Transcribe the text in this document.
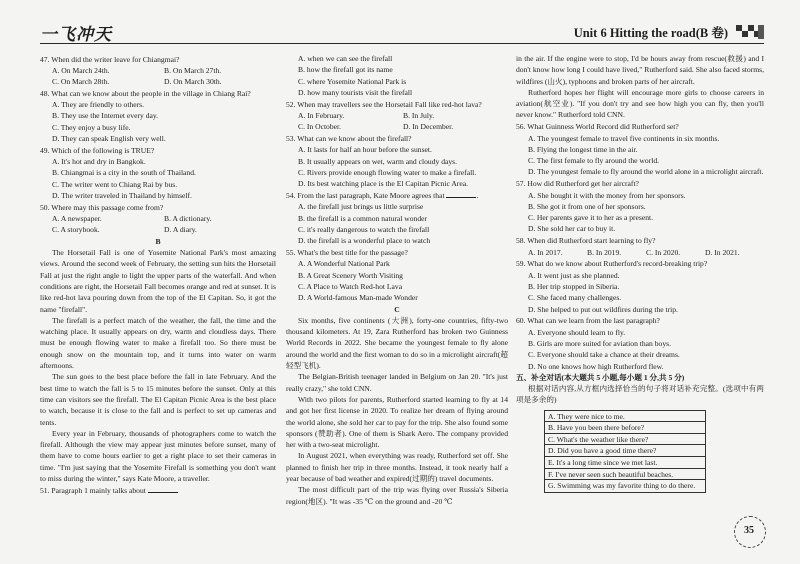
一飞冲天	Unit 6 Hitting the road(B 卷)
47. When did the writer leave for Chiangmai?
A. On March 24th.	B. On March 27th.
C. On March 28th.	D. On March 30th.
48. What can we know about the people in the village in Chiang Rai?
A. They are friendly to others.
B. They use the Internet every day.
C. They enjoy a busy life.
D. They can speak English very well.
49. Which of the following is TRUE?
A. It's hot and dry in Bangkok.
B. Chiangmai is a city in the south of Thailand.
C. The writer went to Chiang Rai by bus.
D. The writer traveled in Thailand by himself.
50. Where may this passage come from?
A. A newspaper.	B. A dictionary.
C. A storybook.	D. A diary.
B
The Horsetail Fall is one of Yosemite National Park's most amazing views. Around the second week of February, the setting sun hits the Horsetail Fall at just the right angle to light the upper parts of the waterfall. And when conditions are right, the Horsetail Fall becomes orange and red at sunset. It is like red-hot lava pouring down from the top of the El Capitan. So, it got the name "firefall".
The firefall is a perfect match of the weather, the fall, the time and the watching place. It usually appears on dry, warm and cloudless days. There must be enough flowing water to make a firefall too. So there must be enough snow on the mountain top, and it turns into water on warm afternoons.
The sun goes to the best place before the fall in late February. And the best time to watch the fall is 5 to 15 minutes before the sunset. Only at this time can visitors see the firefall. The El Capitan Picnic Area is the best place to watch, because it is close to the fall and is perfect to set up cameras and tents.
Every year in February, thousands of photographers come to watch the firefall. Although the view may appear just minutes before sunset, many of them have to come hours earlier to get a right place to set their cameras in time. "I'm just saying that the Yosemite Firefall is something you don't want to miss during the winter," says Kate Moore, a traveller.
51. Paragraph 1 mainly talks about
A. when we can see the firefall
B. how the firefall got its name
C. where Yosemite National Park is
D. how many tourists visit the firefall
52. When may travellers see the Horsetail Fall like red-hot lava?
A. In February.	B. In July.
C. In October.	D. In December.
53. What can we know about the firefall?
A. It lasts for half an hour before the sunset.
B. It usually appears on wet, warm and cloudy days.
C. Rivers provide enough flowing water to make a firefall.
D. Its best watching place is the El Capitan Picnic Area.
54. From the last paragraph, Kate Moore agrees that	.
A. the firefall just brings us little surprise
B. the firefall is a common natural wonder
C. it's really dangerous to watch the firefall
D. the firefall is a wonderful place to watch
55. What's the best title for the passage?
A. A Wonderful National Park
B. A Great Scenery Worth Visiting
C. A Place to Watch Red-hot Lava
D. A World-famous Man-made Wonder
C
Six months, five continents (大洲), forty-one countries, fifty-two thousand kilometers. At 19, Zara Rutherford has broken two Guinness World Records in 2022. She became the youngest female to fly alone around the world and the first woman to do so in a microlight aircraft(超轻型飞机).
The Belgian-British teenager landed in Belgium on Jan 20. "It's just really crazy," she told CNN.
With two pilots for parents, Rutherford started learning to fly at 14 and got her first license in 2020. To realize her dream of flying around the world alone, she sold her car to pay for the trip. She also found some sponsors (赞助者). One of them is Shark Aero. The company provided her with a two-seat microlight.
In August 2021, when everything was ready, Rutherford set off. She planned to finish her trip in three months. Instead, it took nearly half a year because of bad weather and expired(过期的) travel documents.
The most difficult part of the trip was flying over Russia's Siberia region(地区). "It was -35 ℃ on the ground and -20 ℃
in the air. If the engine were to stop, I'd be hours away from rescue(救援) and I don't know how long I could have lived," Rutherford said. She also faced storms, wildfires (山火), typhoons and broken parts of her aircraft.
Rutherford hopes her flight will encourage more girls to choose careers in aviation(航空业). "If you don't try and see how high you can fly, then you'll never know." Rutherford told CNN.
56. What Guinness World Record did Rutherford set?
A. The youngest female to travel five continents in six months.
B. Flying the longest time in the air.
C. The first female to fly around the world.
D. The youngest female to fly around the world alone in a microlight aircraft.
57. How did Rutherford get her aircraft?
A. She bought it with the money from her sponsors.
B. She got it from one of her sponsors.
C. Her parents gave it to her as a present.
D. She sold her car to buy it.
58. When did Rutherford start learning to fly?
A. In 2017.	B. In 2019.	C. In 2020.	D. In 2021.
59. What do we know about Rutherford's record-breaking trip?
A. It went just as she planned.
B. Her trip stopped in Siberia.
C. She faced many challenges.
D. She helped to put out wildfires during the trip.
60. What can we learn from the last paragraph?
A. Everyone should learn to fly.
B. Girls are more suited for aviation than boys.
C. Everyone should take a chance at their dreams.
D. No one knows how high Rutherford flew.
五、补全对话(本大题共 5 小题,每小题 1 分,共 5 分)
根据对话内容,从方框内选择恰当的句子将对话补充完整。(选项中有两项是多余的)
A. They were nice to me.
B. Have you been there before?
C. What's the weather like there?
D. Did you have a good time there?
E. It's a long time since we met last.
F. I've never seen such beautiful beaches.
G. Swimming was my favorite thing to do there.
35
